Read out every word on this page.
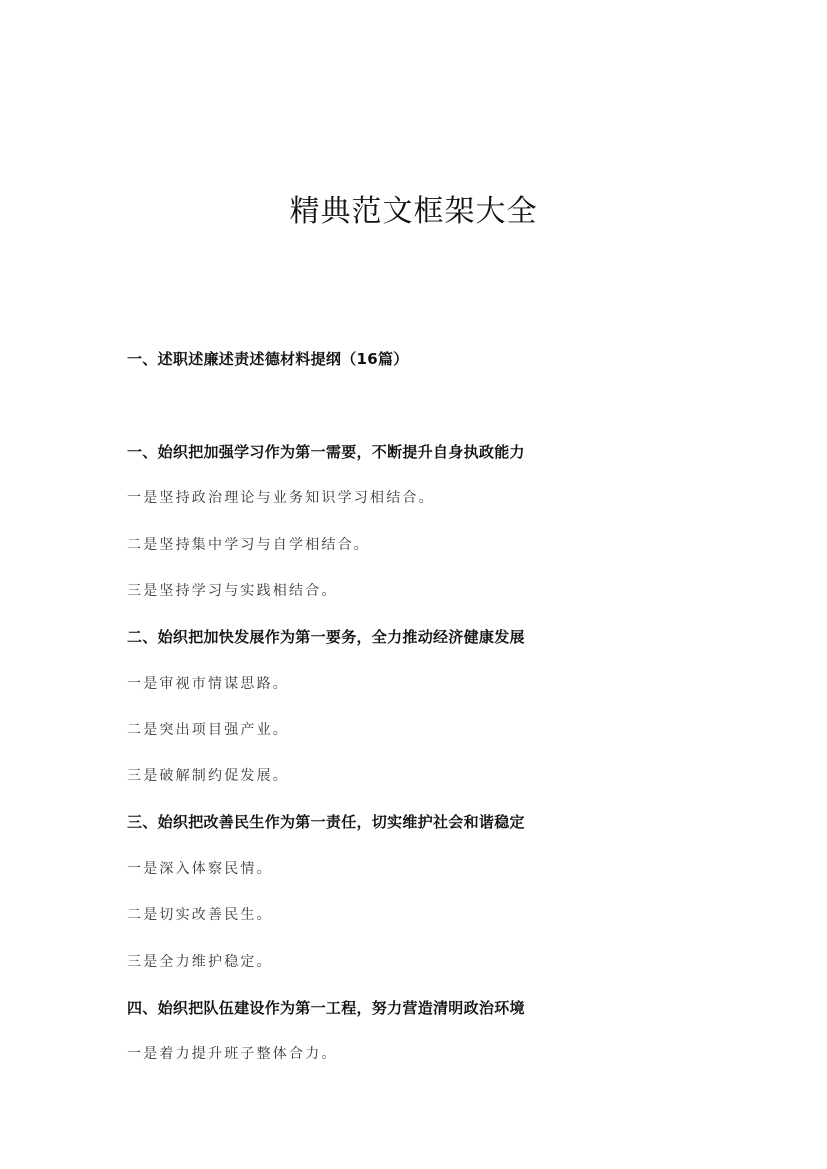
精典范文框架大全

一、述职述廉述责述德材料提纲（16篇）

一、始织把加强学习作为第一需要，不断提升自身执政能力

一是坚持政治理论与业务知识学习相结合。

二是坚持集中学习与自学相结合。

三是坚持学习与实践相结合。

二、始织把加快发展作为第一要务，全力推动经济健康发展

一是审视市情谋思路。

二是突出项目强产业。

三是破解制约促发展。

三、始织把改善民生作为第一责任，切实维护社会和谐稳定

一是深入体察民情。

二是切实改善民生。

三是全力维护稳定。

四、始织把队伍建设作为第一工程，努力营造清明政治环境

一是着力提升班子整体合力。
